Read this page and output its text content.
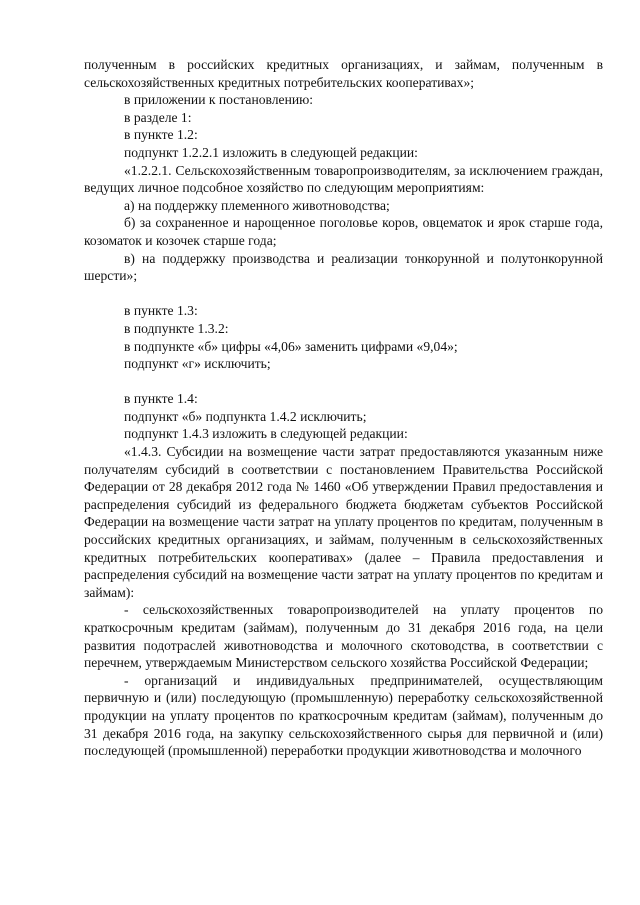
полученным в российских кредитных организациях, и займам, полученным в сельскохозяйственных кредитных потребительских кооперативах»;

в приложении к постановлению:

в разделе 1:

в пункте 1.2:

подпункт 1.2.2.1 изложить в следующей редакции:

«1.2.2.1. Сельскохозяйственным товаропроизводителям, за исключением граждан, ведущих личное подсобное хозяйство по следующим мероприятиям:

а) на поддержку племенного животноводства;

б) за сохраненное и нарощенное поголовье коров, овцематок и ярок старше года, козоматок и козочек старше года;

в) на поддержку производства и реализации тонкорунной и полутонкорунной шерсти»;

в пункте 1.3:

в подпункте 1.3.2:

в подпункте «б» цифры «4,06» заменить цифрами «9,04»;

подпункт «г» исключить;

в пункте 1.4:

подпункт «б» подпункта 1.4.2 исключить;

подпункт 1.4.3 изложить в следующей редакции:

«1.4.3. Субсидии на возмещение части затрат предоставляются указанным ниже получателям субсидий в соответствии с постановлением Правительства Российской Федерации от 28 декабря 2012 года № 1460 «Об утверждении Правил предоставления и распределения субсидий из федерального бюджета бюджетам субъектов Российской Федерации на возмещение части затрат на уплату процентов по кредитам, полученным в российских кредитных организациях, и займам, полученным в сельскохозяйственных кредитных потребительских кооперативах» (далее – Правила предоставления и распределения субсидий на возмещение части затрат на уплату процентов по кредитам и займам):

- сельскохозяйственных товаропроизводителей на уплату процентов по краткосрочным кредитам (займам), полученным до 31 декабря 2016 года, на цели развития подотраслей животноводства и молочного скотоводства, в соответствии с перечнем, утверждаемым Министерством сельского хозяйства Российской Федерации;

- организаций и индивидуальных предпринимателей, осуществляющим первичную и (или) последующую (промышленную) переработку сельскохозяйственной продукции на уплату процентов по краткосрочным кредитам (займам), полученным до 31 декабря 2016 года, на закупку сельскохозяйственного сырья для первичной и (или) последующей (промышленной) переработки продукции животноводства и молочного
